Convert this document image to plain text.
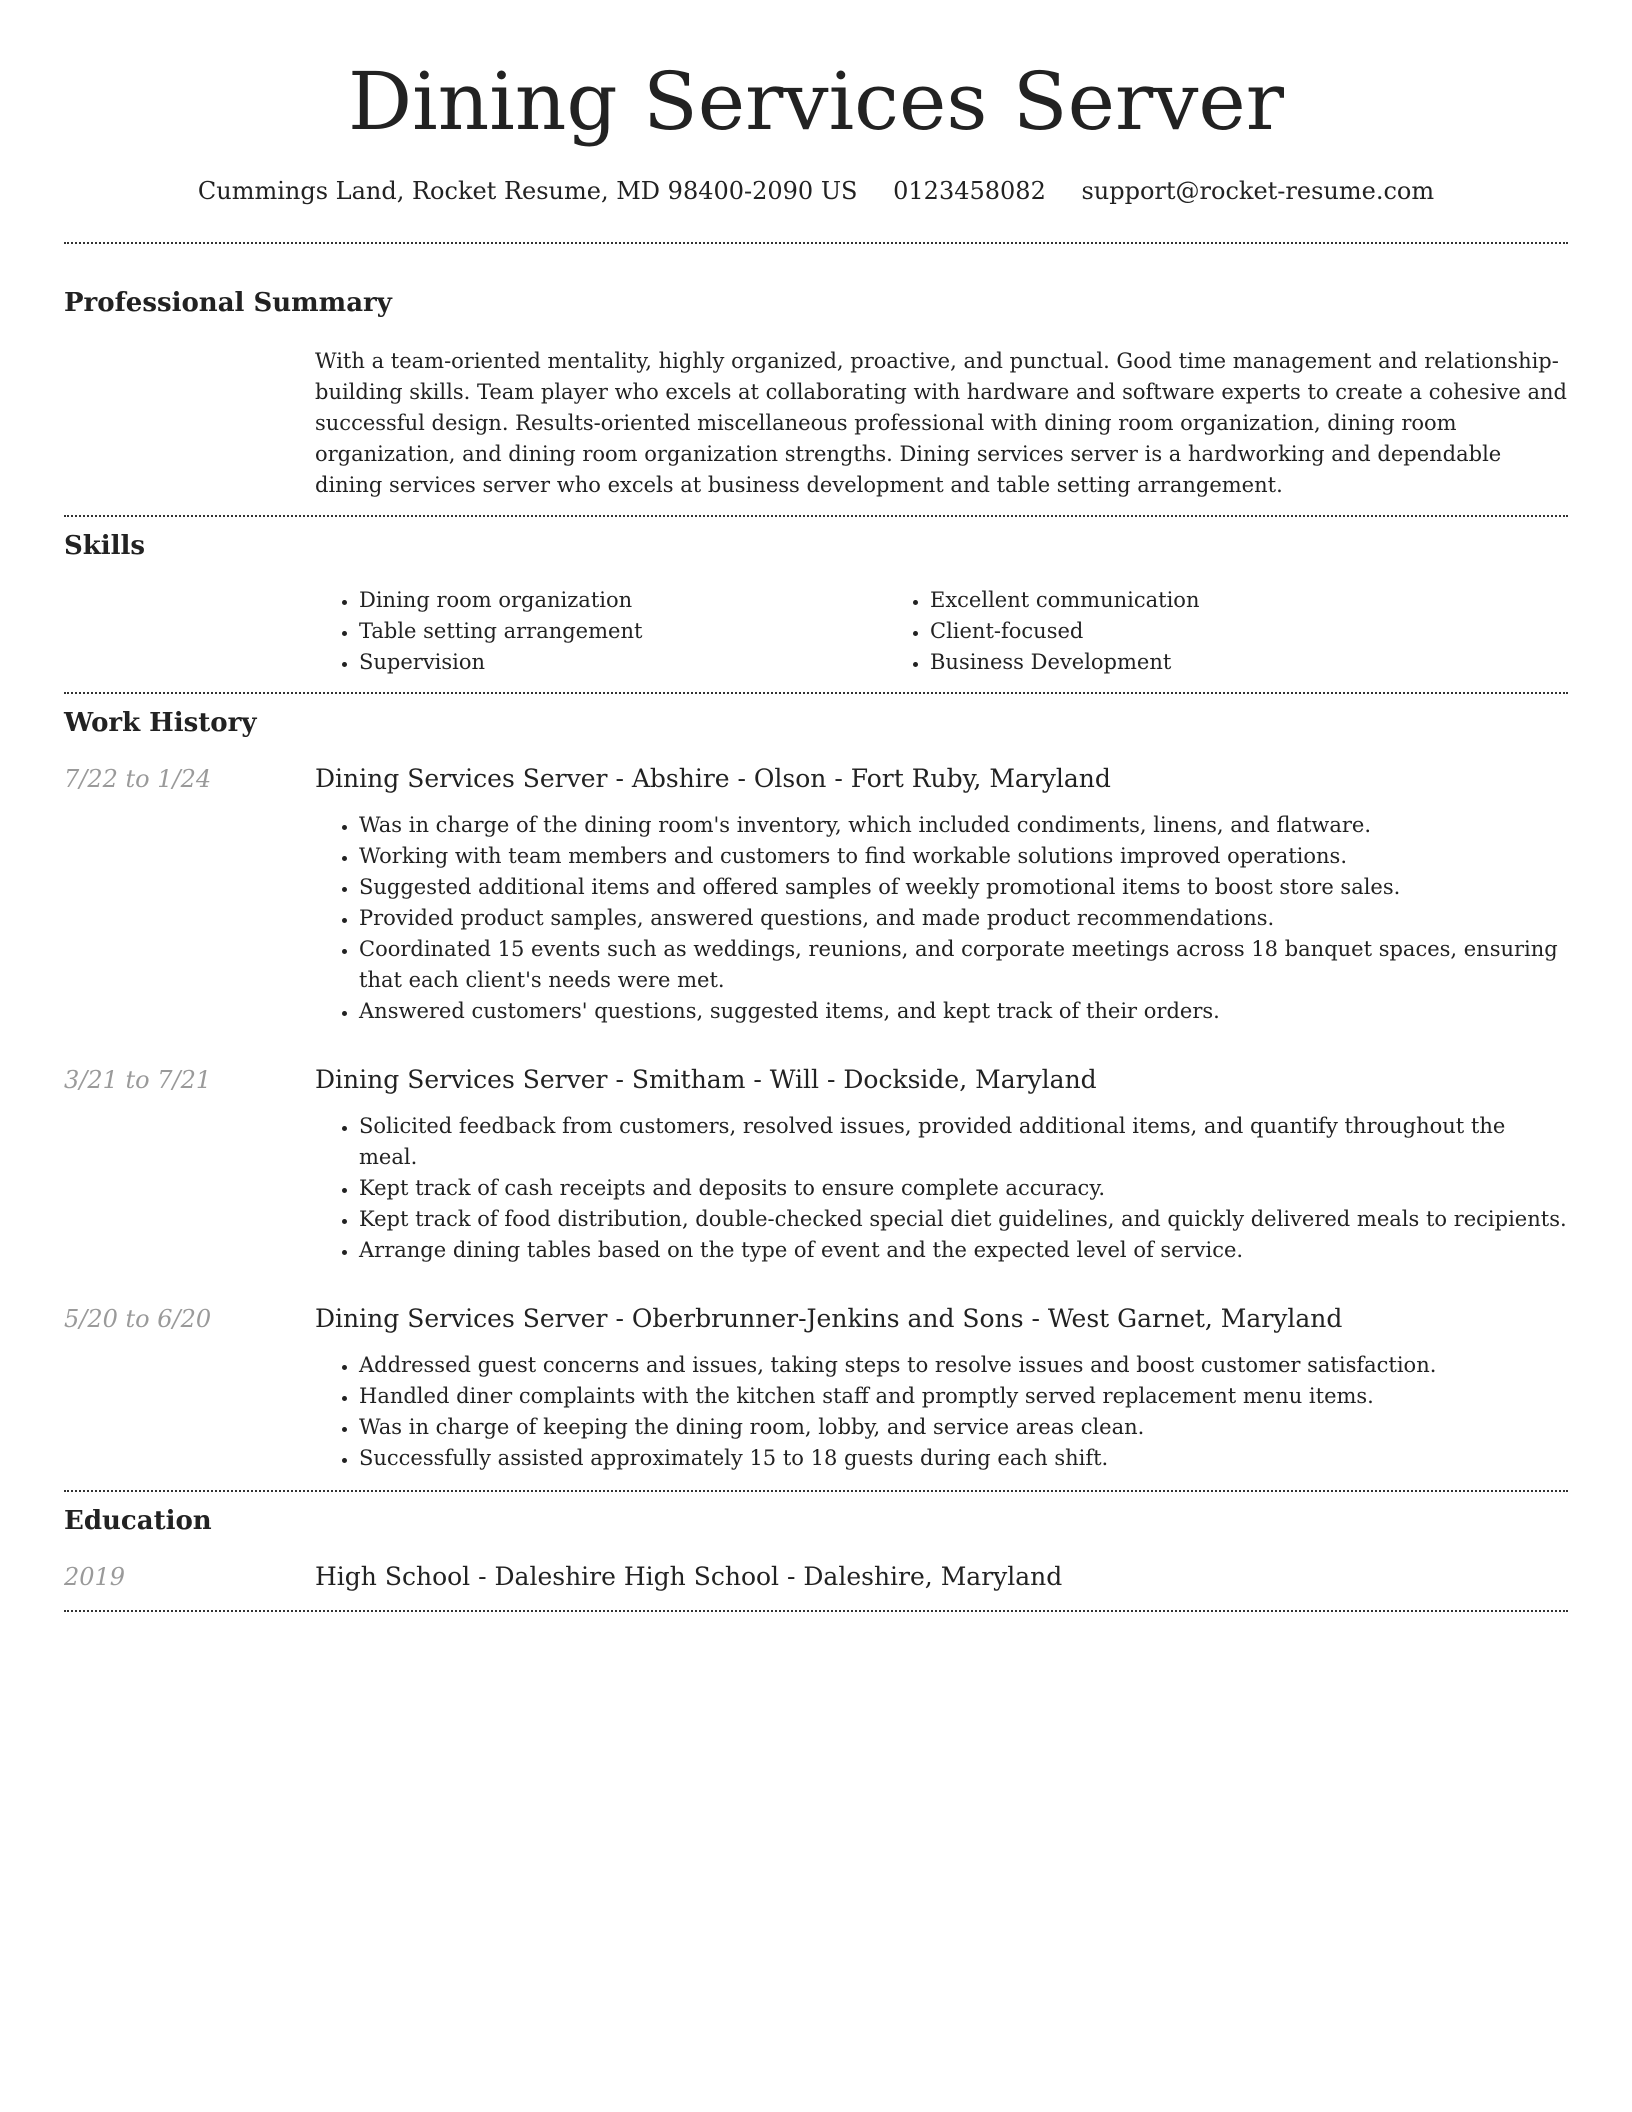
Dining Services Server
Cummings Land, Rocket Resume, MD 98400-2090 US 0123458082 support@rocket-resume.com
Professional Summary

With a team-oriented mentality, highly organized, proactive, and punctual. Good time management and relationship-building skills. Team player who excels at collaborating with hardware and software experts to create a cohesive and successful design. Results-oriented miscellaneous professional with dining room organization, dining room organization, and dining room organization strengths. Dining services server is a hardworking and dependable dining services server who excels at business development and table setting arrangement.

Skills
• Dining room organization
• Table setting arrangement
• Supervision
• Excellent communication
• Client-focused
• Business Development
Work History
7/22 to 1/24	Dining Services Server - Abshire - Olson - Fort Ruby, Maryland
• Was in charge of the dining room's inventory, which included condiments, linens, and flatware.
• Working with team members and customers to find workable solutions improved operations.
• Suggested additional items and offered samples of weekly promotional items to boost store sales.
• Provided product samples, answered questions, and made product recommendations.
• Coordinated 15 events such as weddings, reunions, and corporate meetings across 18 banquet spaces, ensuring that each client's needs were met.
• Answered customers' questions, suggested items, and kept track of their orders.
3/21 to 7/21	Dining Services Server - Smitham - Will - Dockside, Maryland
• Solicited feedback from customers, resolved issues, provided additional items, and quantify throughout the meal.
• Kept track of cash receipts and deposits to ensure complete accuracy.
• Kept track of food distribution, double-checked special diet guidelines, and quickly delivered meals to recipients.
• Arrange dining tables based on the type of event and the expected level of service.
5/20 to 6/20	Dining Services Server - Oberbrunner-Jenkins and Sons - West Garnet, Maryland
• Addressed guest concerns and issues, taking steps to resolve issues and boost customer satisfaction.
• Handled diner complaints with the kitchen staff and promptly served replacement menu items.
• Was in charge of keeping the dining room, lobby, and service areas clean.
• Successfully assisted approximately 15 to 18 guests during each shift.
Education
2019	High School - Daleshire High School - Daleshire, Maryland
